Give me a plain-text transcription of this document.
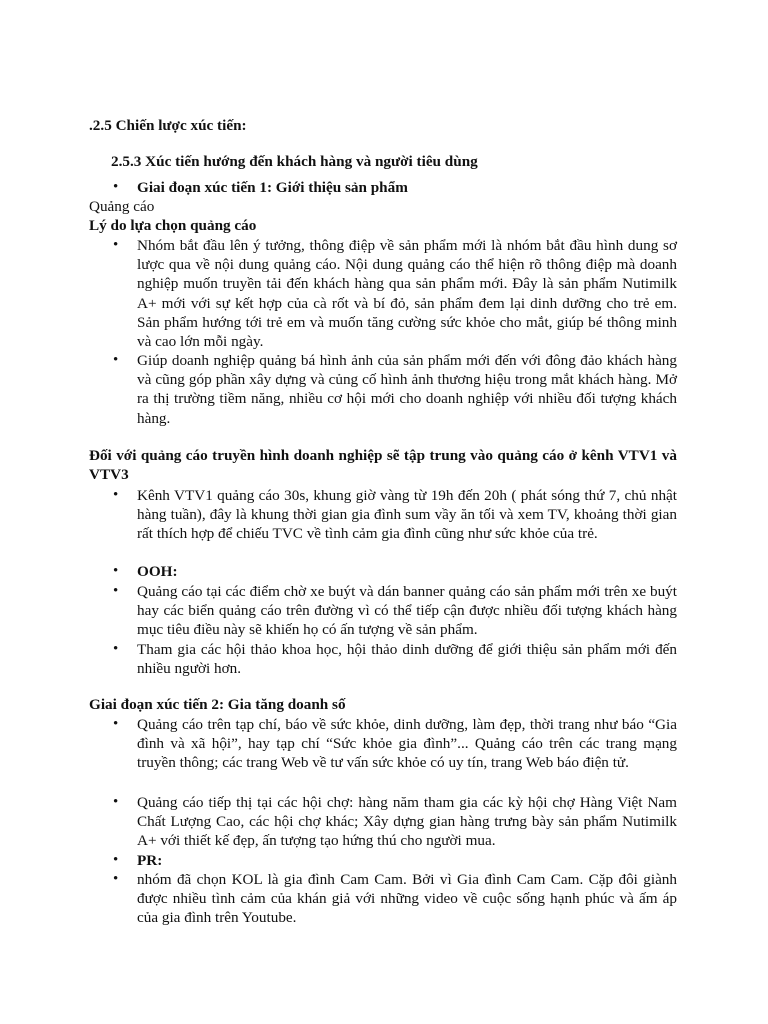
.2.5 Chiến lược xúc tiến:
2.5.3 Xúc tiến hướng đến khách hàng và người tiêu dùng
• Giai đoạn xúc tiến 1: Giới thiệu sản phẩm
Quảng cáo
Lý do lựa chọn quảng cáo
• Nhóm bắt đầu lên ý tưởng, thông điệp về sản phẩm mới là nhóm bắt đầu hình dung sơ lược qua về nội dung quảng cáo. Nội dung quảng cáo thể hiện rõ thông điệp mà doanh nghiệp muốn truyền tải đến khách hàng qua sản phẩm mới. Đây là sản phẩm Nutimilk A+ mới với sự kết hợp của cà rốt và bí đỏ, sản phẩm đem lại dinh dưỡng cho trẻ em. Sản phẩm hướng tới trẻ em và muốn tăng cường sức khỏe cho mắt, giúp bé thông minh và cao lớn mỗi ngày.
• Giúp doanh nghiệp quảng bá hình ảnh của sản phẩm mới đến với đông đảo khách hàng và cũng góp phần xây dựng và củng cố hình ảnh thương hiệu trong mắt khách hàng. Mở ra thị trường tiềm năng, nhiều cơ hội mới cho doanh nghiệp với nhiều đối tượng khách hàng.
Đối với quảng cáo truyền hình doanh nghiệp sẽ tập trung vào quảng cáo ở kênh VTV1 và VTV3
• Kênh VTV1 quảng cáo 30s, khung giờ vàng từ 19h đến 20h ( phát sóng thứ 7, chủ nhật hàng tuần), đây là khung thời gian gia đình sum vầy ăn tối và xem TV, khoảng thời gian rất thích hợp để chiếu TVC về tình cảm gia đình cũng như sức khỏe của trẻ.
• OOH:
• Quảng cáo tại các điểm chờ xe buýt và dán banner quảng cáo sản phẩm mới trên xe buýt hay các biển quảng cáo trên đường vì có thể tiếp cận được nhiều đối tượng khách hàng mục tiêu điều này sẽ khiến họ có ấn tượng về sản phẩm.
• Tham gia các hội thảo khoa học, hội thảo dinh dưỡng để giới thiệu sản phẩm mới đến nhiều người hơn.
Giai đoạn xúc tiến 2: Gia tăng doanh số
• Quảng cáo trên tạp chí, báo về sức khỏe, dinh dưỡng, làm đẹp, thời trang như báo “Gia đình và xã hội”, hay tạp chí “Sức khỏe gia đình”... Quảng cáo trên các trang mạng truyền thông; các trang Web về tư vấn sức khỏe có uy tín, trang Web báo điện tử.
• Quảng cáo tiếp thị tại các hội chợ: hàng năm tham gia các kỳ hội chợ Hàng Việt Nam Chất Lượng Cao, các hội chợ khác; Xây dựng gian hàng trưng bày sản phẩm Nutimilk A+ với thiết kế đẹp, ấn tượng tạo hứng thú cho người mua.
• PR:
• nhóm đã chọn KOL là gia đình Cam Cam. Bởi vì Gia đình Cam Cam. Cặp đôi giành được nhiều tình cảm của khán giả với những video về cuộc sống hạnh phúc và ấm áp của gia đình trên Youtube.
